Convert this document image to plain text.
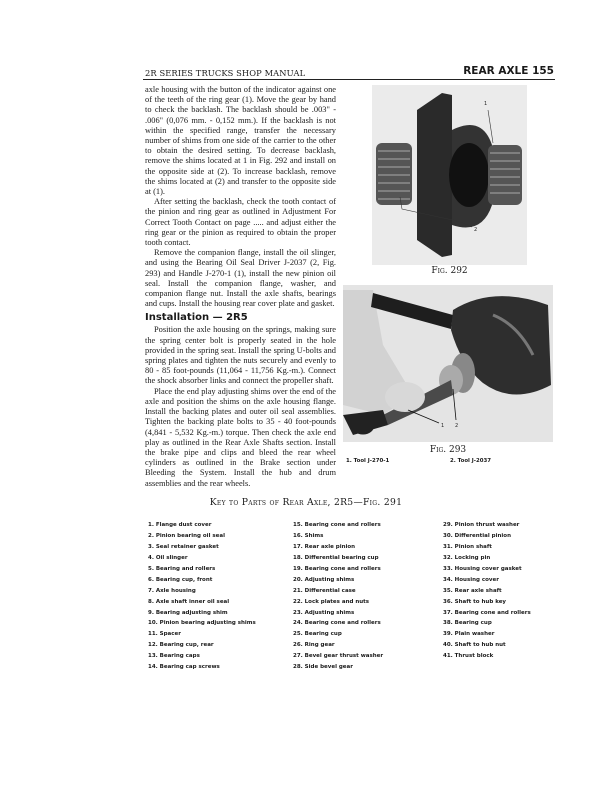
2R SERIES TRUCKS SHOP MANUAL	REAR AXLE 155

axle housing with the button of the indicator against one of the teeth of the ring gear (1). Move the gear by hand to check the backlash. The backlash should be .003" - .006" (0,076 mm. - 0,152 mm.). If the backlash is not within the specified range, transfer the necessary number of shims from one side of the carrier to the other to obtain the desired setting. To decrease backlash, remove the shims located at 1 in Fig. 292 and install on the opposite side at (2). To increase backlash, remove the shims located at (2) and transfer to the opposite side at (1).

After setting the backlash, check the tooth contact of the pinion and ring gear as outlined in Adjustment For Correct Tooth Contact on page ..... and adjust either the ring gear or the pinion as required to obtain the proper tooth contact.

Remove the companion flange, install the oil slinger, and using the Bearing Oil Seal Driver J-2037 (2, Fig. 293) and Handle J-270-1 (1), install the new pinion oil seal. Install the companion flange, washer, and companion flange nut. Install the axle shafts, bearings and cups. Install the housing rear cover plate and gasket.

Installation — 2R5

Position the axle housing on the springs, making sure the spring center bolt is properly seated in the hole provided in the spring seat. Install the spring U-bolts and spring plates and tighten the nuts securely and evenly to 80 - 85 foot-pounds (11,064 - 11,756 Kg.-m.). Connect the shock absorber links and connect the propeller shaft.

Place the end play adjusting shims over the end of the axle and position the shims on the axle housing flange. Install the backing plates and outer oil seal assemblies. Tighten the backing plate bolts to 35 - 40 foot-pounds (4,841 - 5,532 Kg.-m.) torque. Then check the axle end play as outlined in the Rear Axle Shafts section. Install the brake pipe and clips and bleed the rear wheel cylinders as outlined in the Brake section under Bleeding the System. Install the hub and drum assemblies and the rear wheels.

1
2
Fig. 292
1 2
Fig. 293
1. Tool J-270-1	2. Tool J-2037
Key to Parts of Rear Axle, 2R5—Fig. 291
1. Flange dust cover
2. Pinion bearing oil seal
3. Seal retainer gasket
4. Oil slinger
5. Bearing and rollers
6. Bearing cup, front
7. Axle housing
8. Axle shaft inner oil seal
9. Bearing adjusting shim
10. Pinion bearing adjusting shims
11. Spacer
12. Bearing cup, rear
13. Bearing caps
14. Bearing cap screws
15. Bearing cone and rollers
16. Shims
17. Rear axle pinion
18. Differential bearing cup
19. Bearing cone and rollers
20. Adjusting shims
21. Differential case
22. Lock plates and nuts
23. Adjusting shims
24. Bearing cone and rollers
25. Bearing cup
26. Ring gear
27. Bevel gear thrust washer
28. Side bevel gear
29. Pinion thrust washer
30. Differential pinion
31. Pinion shaft
32. Locking pin
33. Housing cover gasket
34. Housing cover
35. Rear axle shaft
36. Shaft to hub key
37. Bearing cone and rollers
38. Bearing cup
39. Plain washer
40. Shaft to hub nut
41. Thrust block
